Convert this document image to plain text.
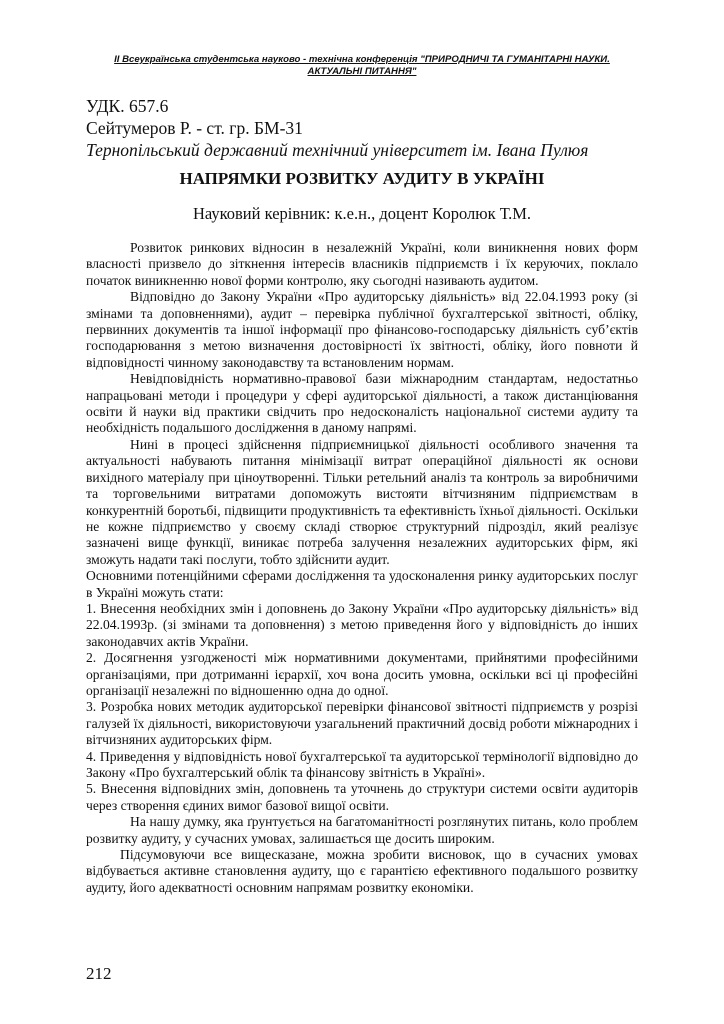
ІІ Всеукраїнська студентська науково - технічна конференція "ПРИРОДНИЧІ ТА ГУМАНІТАРНІ НАУКИ.
АКТУАЛЬНІ ПИТАННЯ"
УДК. 657.6
Сейтумеров Р. - ст. гр. БМ-31
Тернопільський державний технічний університет ім. Івана Пулюя
НАПРЯМКИ РОЗВИТКУ АУДИТУ В УКРАЇНІ
Науковий керівник: к.е.н., доцент Королюк Т.М.

Розвиток ринкових відносин в незалежній Україні, коли виникнення нових форм власності призвело до зіткнення інтересів власників підприємств і їх керуючих, поклало початок виникненню нової форми контролю, яку сьогодні називають аудитом.

Відповідно до Закону України «Про аудиторську діяльність» від 22.04.1993 року (зі змінами та доповненнями), аудит – перевірка публічної бухгалтерської звітності, обліку, первинних документів та іншої інформації про фінансово-господарську діяльність суб’єктів господарювання з метою визначення достовірності їх звітності, обліку, його повноти й відповідності чинному законодавству та встановленим нормам.

Невідповідність нормативно-правової бази міжнародним стандартам, недостатньо напрацьовані методи і процедури у сфері аудиторської діяльності, а також дистанціювання освіти й науки від практики свідчить про недосконалість національної системи аудиту та необхідність подальшого дослідження в даному напрямі.

Нині в процесі здійснення підприємницької діяльності особливого значення та актуальності набувають питання мінімізації витрат операційної діяльності як основи вихідного матеріалу при ціноутворенні. Тільки ретельний аналіз та контроль за виробничими та торговельними витратами допоможуть вистояти вітчизняним підприємствам в конкурентній боротьбі, підвищити продуктивність та ефективність їхньої діяльності. Оскільки не кожне підприємство у своєму складі створює структурний підрозділ, який реалізує зазначені вище функції, виникає потреба залучення незалежних аудиторських фірм, які зможуть надати такі послуги, тобто здійснити аудит.

Основними потенційними сферами дослідження та удосконалення ринку аудиторських послуг в Україні можуть стати:

1. Внесення необхідних змін і доповнень до Закону України «Про аудиторську діяльність» від 22.04.1993р. (зі змінами та доповнення) з метою приведення його у відповідність до інших законодавчих актів України.

2. Досягнення узгодженості між нормативними документами, прийнятими професійними організаціями, при дотриманні ієрархії, хоч вона досить умовна, оскільки всі ці професійні організації незалежні по відношенню одна до одної.

3. Розробка нових методик аудиторської перевірки фінансової звітності підприємств у розрізі галузей їх діяльності, використовуючи узагальнений практичний досвід роботи міжнародних і вітчизняних аудиторських фірм.

4. Приведення у відповідність нової бухгалтерської та аудиторської термінології відповідно до Закону «Про бухгалтерський облік та фінансову звітність в Україні».

5. Внесення відповідних змін, доповнень та уточнень до структури системи освіти аудиторів через створення єдиних вимог базової вищої освіти.

На нашу думку, яка ґрунтується на багатоманітності розглянутих питань, коло проблем розвитку аудиту, у сучасних умовах, залишається ще досить широким.

Підсумовуючи все вищесказане, можна зробити висновок, що в сучасних умовах відбувається активне становлення аудиту, що є гарантією ефективного подальшого розвитку аудиту, його адекватності основним напрямам розвитку економіки.

212
